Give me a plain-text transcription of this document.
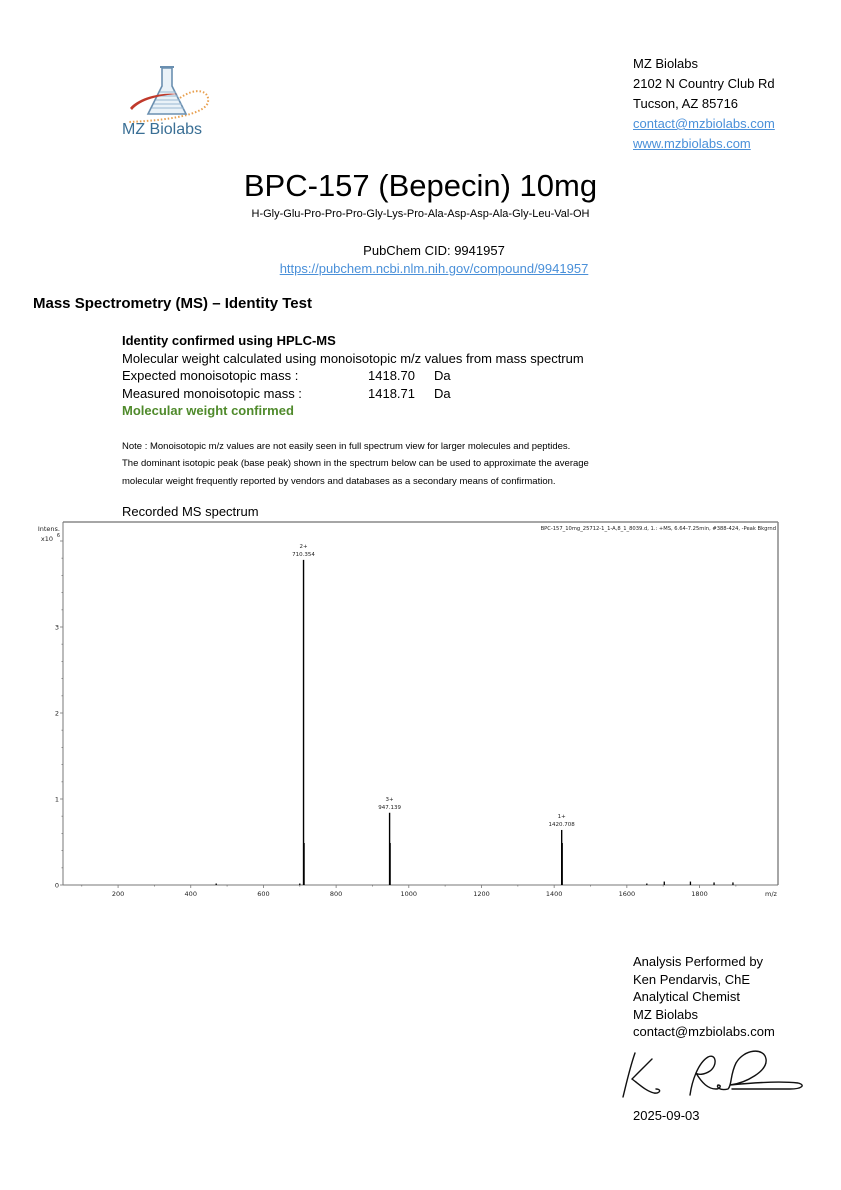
MZ Biolabs
MZ Biolabs
2102 N Country Club Rd
Tucson, AZ 85716
contact@mzbiolabs.com
www.mzbiolabs.com
BPC-157 (Bepecin) 10mg
H-Gly-Glu-Pro-Pro-Pro-Gly-Lys-Pro-Ala-Asp-Asp-Ala-Gly-Leu-Val-OH
PubChem CID: 9941957
https://pubchem.ncbi.nlm.nih.gov/compound/9941957
Mass Spectrometry (MS) – Identity Test
Identity confirmed using HPLC-MS
Molecular weight calculated using monoisotopic m/z values from mass spectrum
Expected monoisotopic mass :	1418.70	Da
Measured monoisotopic mass :	1418.71	Da
Molecular weight confirmed
Note : Monoisotopic m/z values are not easily seen in full spectrum view for larger molecules and peptides.
The dominant isotopic peak (base peak) shown in the spectrum below can be used to approximate the average
molecular weight frequently reported by vendors and databases as a secondary means of confirmation.
Recorded MS spectrum
BPC-157_10mg_25712-1_1-A,8_1_8039.d, 1.: +MS, 6.64-7.25min, #388-424, -Peak Bkgrnd
Intens.
x10 6
0
1
2
3
200	400	600	800	1000	1200	1400	1600	1800	m/z
2+
710.354
3+
947.139
1+
1420.708
Analysis Performed by
Ken Pendarvis, ChE
Analytical Chemist
MZ Biolabs
contact@mzbiolabs.com
2025-09-03
